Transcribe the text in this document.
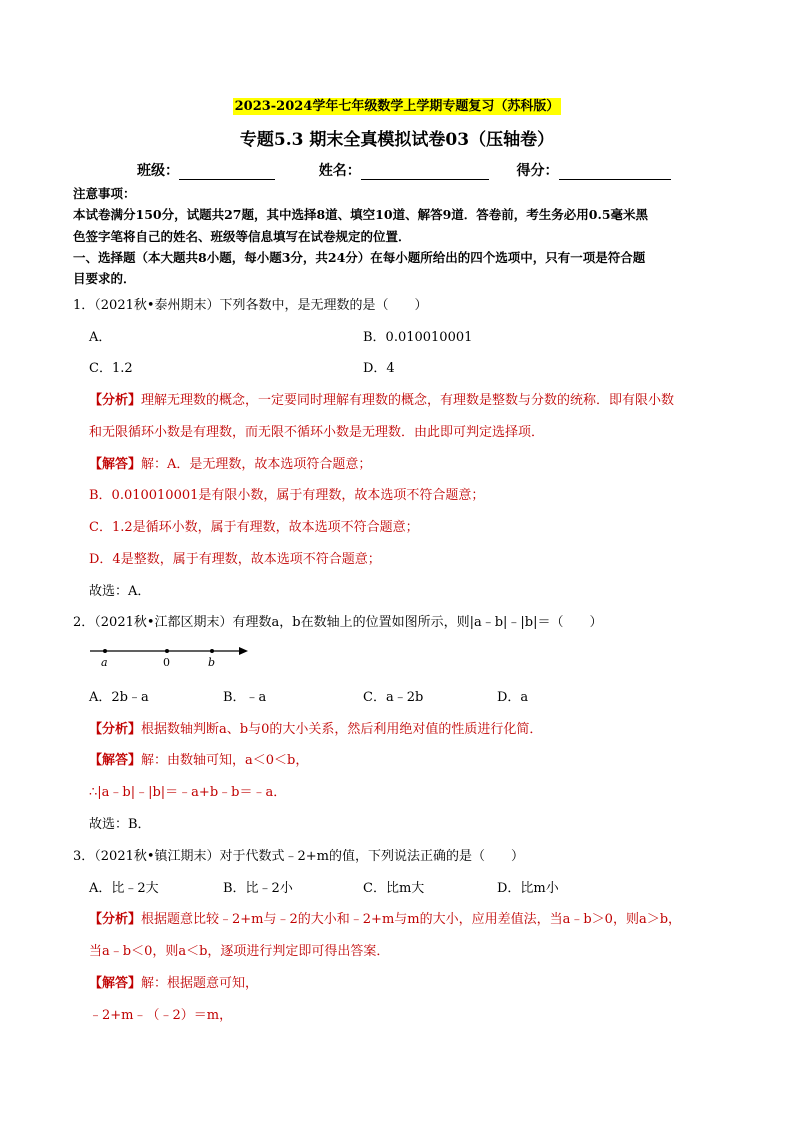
2023-2024学年七年级数学上学期专题复习（苏科版）
专题5.3 期末全真模拟试卷03（压轴卷）
班级：	姓名：	得分：
注意事项：
本试卷满分150分，试题共27题，其中选择8道、填空10道、解答9道．答卷前，考生务必用0.5毫米黑
色签字笔将自己的姓名、班级等信息填写在试卷规定的位置．
一、选择题（本大题共8小题，每小题3分，共24分）在每小题所给出的四个选项中，只有一项是符合题
目要求的．
1．（2021秋•泰州期末）下列各数中，是无理数的是（　　）
A．	B．0.010010001
C．1.2	D．4
【分析】理解无理数的概念，一定要同时理解有理数的概念，有理数是整数与分数的统称．即有限小数
和无限循环小数是有理数，而无限不循环小数是无理数．由此即可判定选择项．
【解答】解：A．是无理数，故本选项符合题意；
B．0.010010001是有限小数，属于有理数，故本选项不符合题意；
C．1.2是循环小数，属于有理数，故本选项不符合题意；
D．4是整数，属于有理数，故本选项不符合题意；
故选：A．
2．（2021秋•江都区期末）有理数a，b在数轴上的位置如图所示，则|a﹣b|﹣|b|＝（　　）
a	0	b
A．2b﹣a	B．﹣a	C．a﹣2b	D．a
【分析】根据数轴判断a、b与0的大小关系，然后利用绝对值的性质进行化简．
【解答】解：由数轴可知，a＜0＜b，
∴|a﹣b|﹣|b|＝﹣a+b﹣b＝﹣a．
故选：B．
3．（2021秋•镇江期末）对于代数式﹣2+m的值，下列说法正确的是（　　）
A．比﹣2大	B．比﹣2小	C．比m大	D．比m小
【分析】根据题意比较﹣2+m与﹣2的大小和﹣2+m与m的大小，应用差值法，当a﹣b＞0，则a＞b，
当a﹣b＜0，则a＜b，逐项进行判定即可得出答案．
【解答】解：根据题意可知，
﹣2+m﹣（﹣2）＝m，
